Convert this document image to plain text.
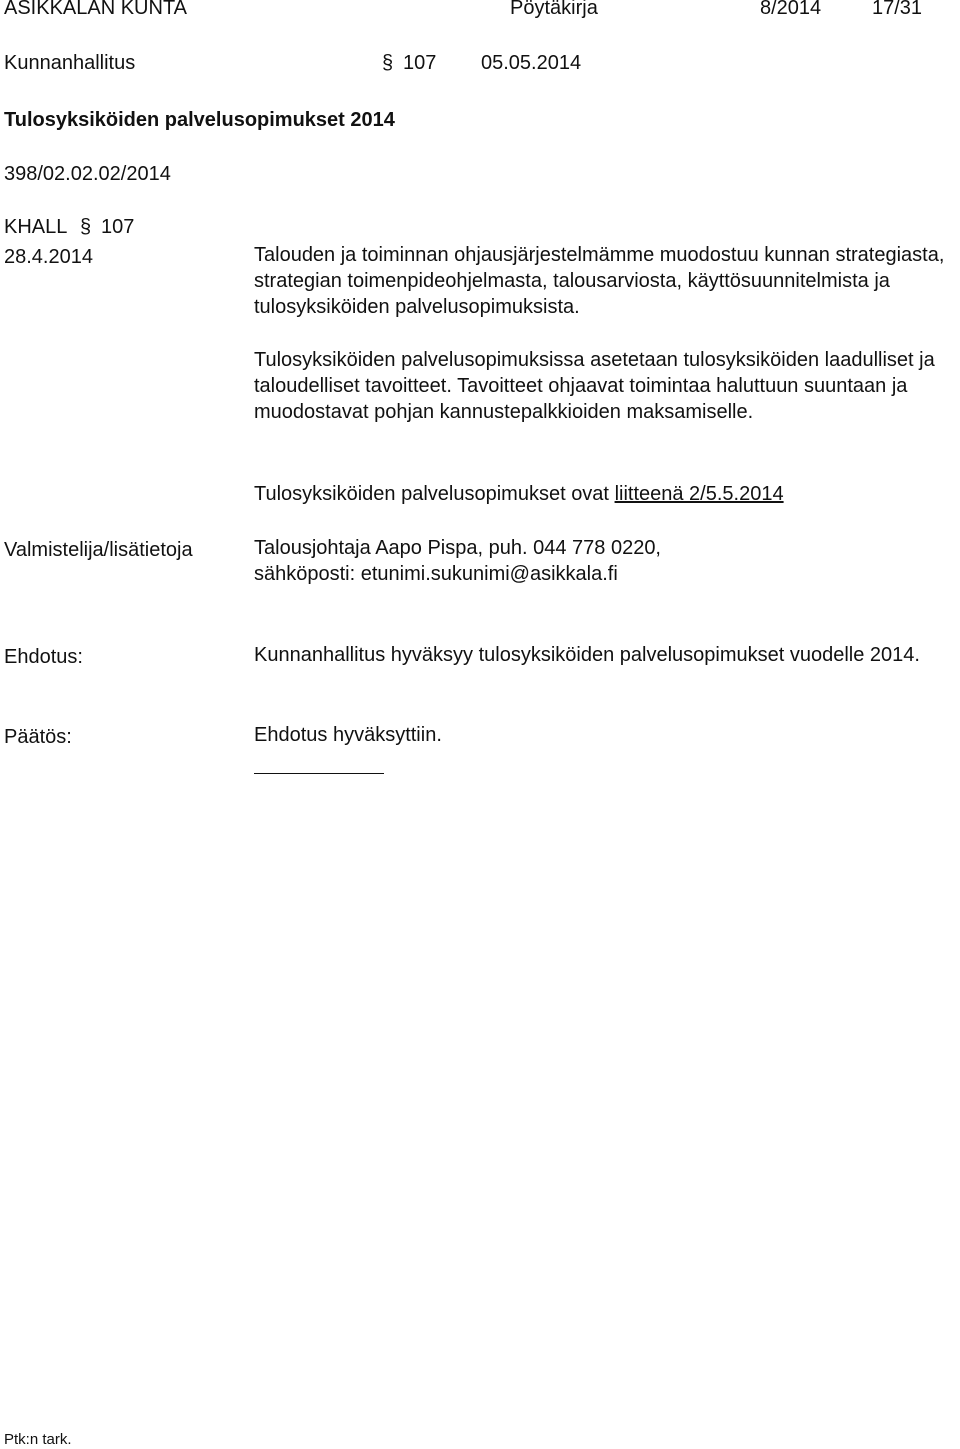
ASIKKALAN KUNTA	Pöytäkirja	8/2014	17/31
Kunnanhallitus	§ 107 05.05.2014
Tulosyksiköiden palvelusopimukset 2014
398/02.02.02/2014
KHALL § 107
28.4.2014	Talouden ja toiminnan ohjausjärjestelmämme muodostuu kunnan strategiasta, strategian toimenpideohjelmasta, talousarviosta, käyttösuunnitelmista ja tulosyksiköiden palvelusopimuksista.

Tulosyksiköiden palvelusopimuksissa asetetaan tulosyksiköiden laadulliset ja taloudelliset tavoitteet. Tavoitteet ohjaavat toimintaa haluttuun suuntaan ja muodostavat pohjan kannustepalkkioiden maksamiselle.

Tulosyksiköiden palvelusopimukset ovat liitteenä 2/5.5.2014

Valmistelija/lisätietoja	Talousjohtaja Aapo Pispa, puh. 044 778 0220,

sähköposti: etunimi.sukunimi@asikkala.fi

Ehdotus:	Kunnanhallitus hyväksyy tulosyksiköiden palvelusopimukset vuodelle 2014.

Päätös:	Ehdotus hyväksyttiin.

Ptk:n tark.
